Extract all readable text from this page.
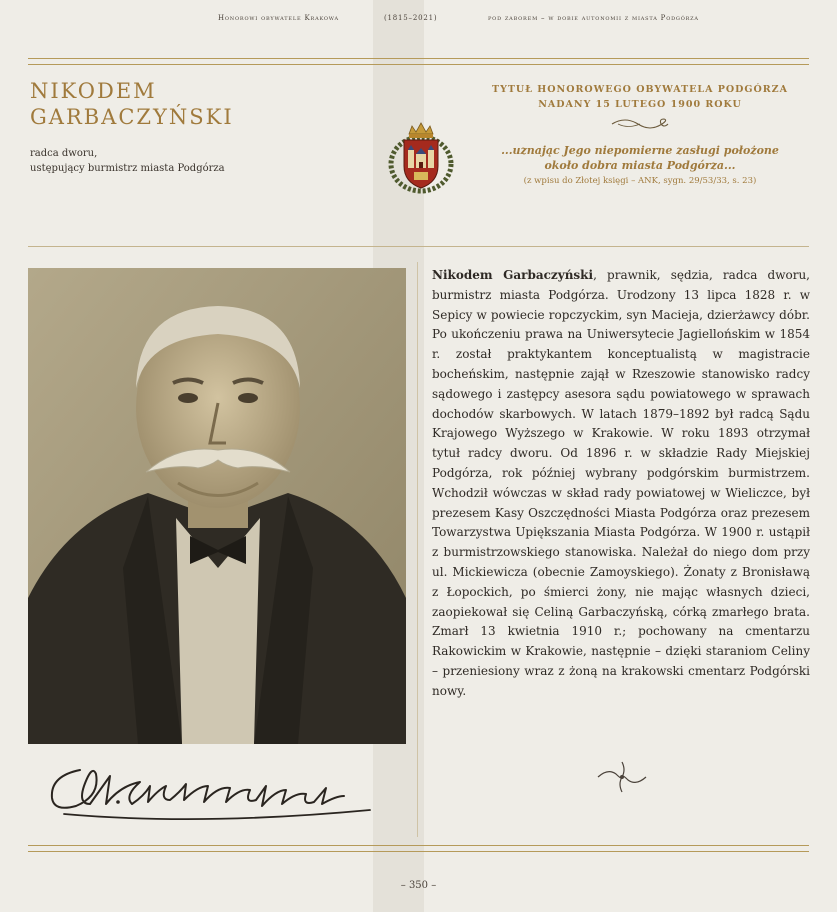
Honorowi obywatele Krakowa	(1815–2021)	pod zaborem – w dobie autonomii z miasta Podgórza
NIKODEM
GARBACZYŃSKI
radca dworu,
ustępujący burmistrz miasta Podgórza
TYTUŁ HONOROWEGO OBYWATELA PODGÓRZA
NADANY 15 LUTEGO 1900 ROKU
...uznając Jego niepomierne zasługi położone
około dobra miasta Podgórza...
(z wpisu do Złotej księgi – ANK, sygn. 29/53/33, s. 23)

Nikodem Garbaczyński, prawnik, sędzia, radca dworu, burmistrz miasta Podgórza. Urodzony 13 lipca 1828 r. w Sepicy w powiecie ropczyckim, syn Macieja, dzierżawcy dóbr. Po ukończeniu prawa na Uniwersytecie Jagiellońskim w 1854 r. został praktykantem konceptualistą w magistracie bocheńskim, następnie zajął w Rzeszowie stanowisko radcy sądowego i zastępcy asesora sądu powiatowego w sprawach dochodów skarbowych. W latach 1879–1892 był radcą Sądu Krajowego Wyższego w Krakowie. W roku 1893 otrzymał tytuł radcy dworu. Od 1896 r. w składzie Rady Miejskiej Podgórza, rok później wybrany podgórskim burmistrzem. Wchodził wówczas w skład rady powiatowej w Wieliczce, był prezesem Kasy Oszczędności Miasta Podgórza oraz prezesem Towarzystwa Upiększania Miasta Podgórza. W 1900 r. ustąpił z burmistrzowskiego stanowiska. Należał do niego dom przy ul. Mickiewicza (obecnie Zamoyskiego). Żonaty z Bronisławą z Łopockich, po śmierci żony, nie mając własnych dzieci, zaopiekował się Celiną Garbaczyńską, córką zmarłego brata. Zmarł 13 kwietnia 1910 r.; pochowany na cmentarzu Rakowickim w Krakowie, następnie – dzięki staraniom Celiny – przeniesiony wraz z żoną na krakowski cmentarz Podgórski nowy.

– 350 –
